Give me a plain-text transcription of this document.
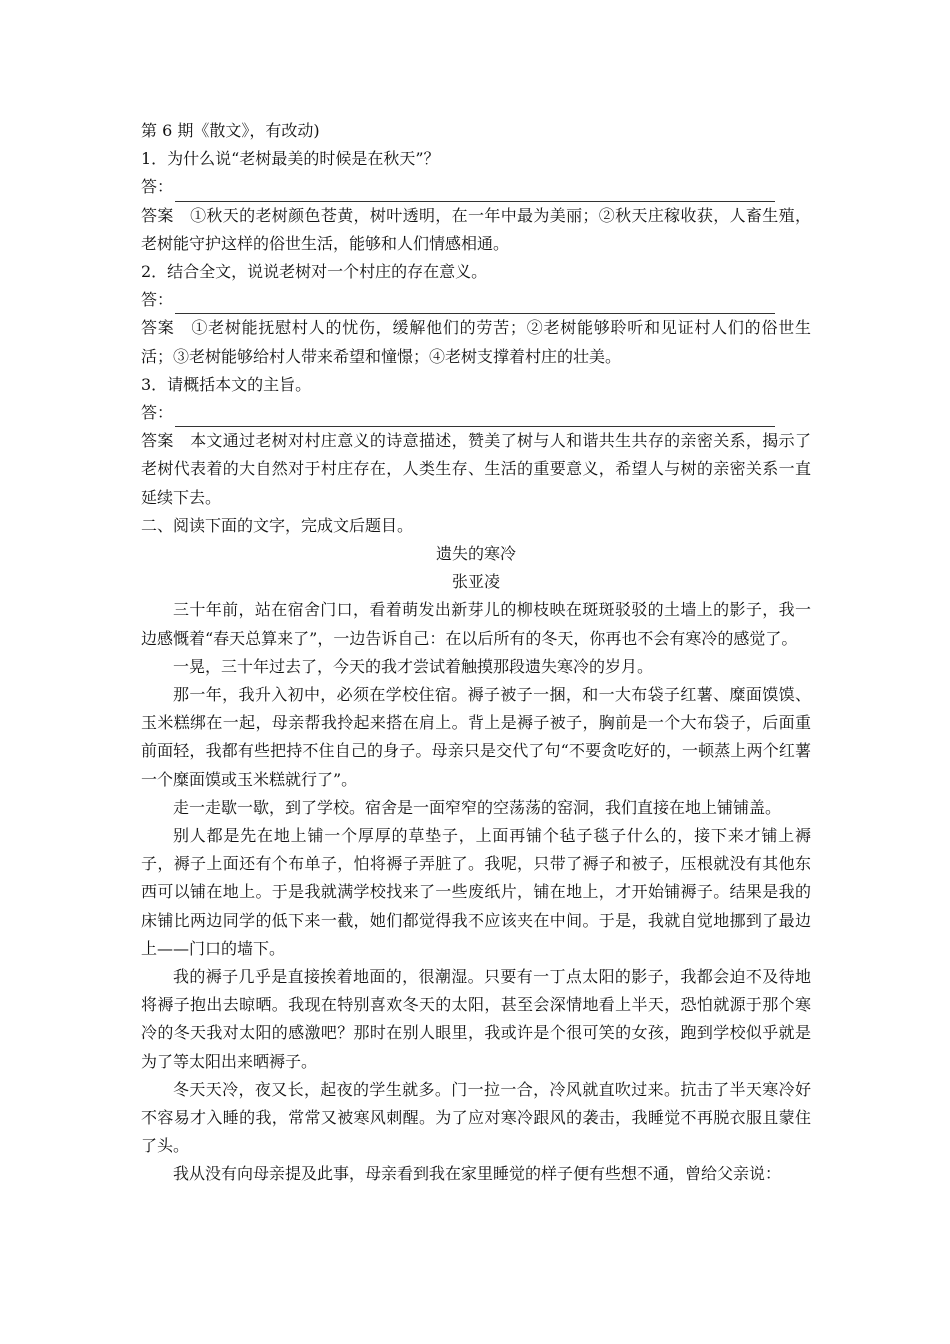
第 6 期《散文》，有改动)
1．为什么说“老树最美的时候是在秋天”？
答：

答案　 ①秋天的老树颜色苍黄，树叶透明，在一年中最为美丽；②秋天庄稼收获，人畜生殖，老树能守护这样的俗世生活，能够和人们情感相通。

2．结合全文，说说老树对一个村庄的存在意义。
答：

答案　 ①老树能抚慰村人的忧伤，缓解他们的劳苦；②老树能够聆听和见证村人们的俗世生活；③老树能够给村人带来希望和憧憬；④老树支撑着村庄的壮美。

3．请概括本文的主旨。
答：

答案　 本文通过老树对村庄意义的诗意描述，赞美了树与人和谐共生共存的亲密关系，揭示了老树代表着的大自然对于村庄存在，人类生存、生活的重要意义，希望人与树的亲密关系一直延续下去。

二、阅读下面的文字，完成文后题目。
遗失的寒冷
张亚凌

三十年前，站在宿舍门口，看着萌发出新芽儿的柳枝映在斑斑驳驳的土墙上的影子，我一边感慨着“春天总算来了”，一边告诉自己：在以后所有的冬天，你再也不会有寒冷的感觉了。

一晃，三十年过去了，今天的我才尝试着触摸那段遗失寒冷的岁月。

那一年，我升入初中，必须在学校住宿。褥子被子一捆，和一大布袋子红薯、糜面馍馍、玉米糕绑在一起，母亲帮我拎起来搭在肩上。背上是褥子被子，胸前是一个大布袋子，后面重前面轻，我都有些把持不住自己的身子。母亲只是交代了句“不要贪吃好的，一顿蒸上两个红薯一个糜面馍或玉米糕就行了”。

走一走歇一歇，到了学校。宿舍是一面窄窄的空荡荡的窑洞，我们直接在地上铺铺盖。

别人都是先在地上铺一个厚厚的草垫子，上面再铺个毡子毯子什么的，接下来才铺上褥子，褥子上面还有个布单子，怕将褥子弄脏了。我呢，只带了褥子和被子，压根就没有其他东西可以铺在地上。于是我就满学校找来了一些废纸片，铺在地上，才开始铺褥子。结果是我的床铺比两边同学的低下来一截，她们都觉得我不应该夹在中间。于是，我就自觉地挪到了最边上——门口的墙下。

我的褥子几乎是直接挨着地面的，很潮湿。只要有一丁点太阳的影子，我都会迫不及待地将褥子抱出去晾晒。我现在特别喜欢冬天的太阳，甚至会深情地看上半天，恐怕就源于那个寒冷的冬天我对太阳的感激吧？那时在别人眼里，我或许是个很可笑的女孩，跑到学校似乎就是为了等太阳出来晒褥子。

冬天天冷，夜又长，起夜的学生就多。门一拉一合，冷风就直吹过来。抗击了半天寒冷好不容易才入睡的我，常常又被寒风刺醒。为了应对寒冷跟风的袭击，我睡觉不再脱衣服且蒙住了头。

我从没有向母亲提及此事，母亲看到我在家里睡觉的样子便有些想不通，曾给父亲说：
